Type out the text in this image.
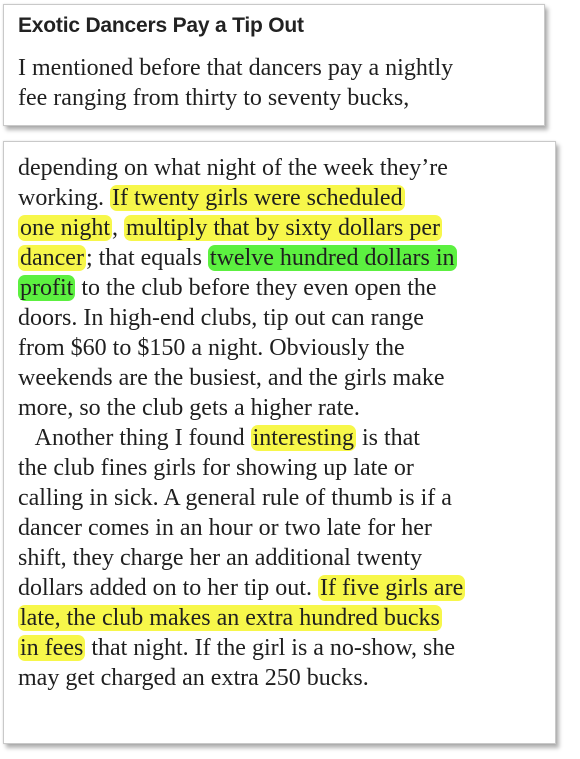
Exotic Dancers Pay a Tip Out

I mentioned before that dancers pay a nightly

fee ranging from thirty to seventy bucks,

depending on what night of the week they’re

working. If twenty girls were scheduled

one night, multiply that by sixty dollars per

dancer; that equals twelve hundred dollars in

profit to the club before they even open the

doors. In high-end clubs, tip out can range

from $60 to $150 a night. Obviously the

weekends are the busiest, and the girls make

more, so the club gets a higher rate.

Another thing I found interesting is that

the club fines girls for showing up late or

calling in sick. A general rule of thumb is if a

dancer comes in an hour or two late for her

shift, they charge her an additional twenty

dollars added on to her tip out. If five girls are

late, the club makes an extra hundred bucks

in fees that night. If the girl is a no-show, she

may get charged an extra 250 bucks.
